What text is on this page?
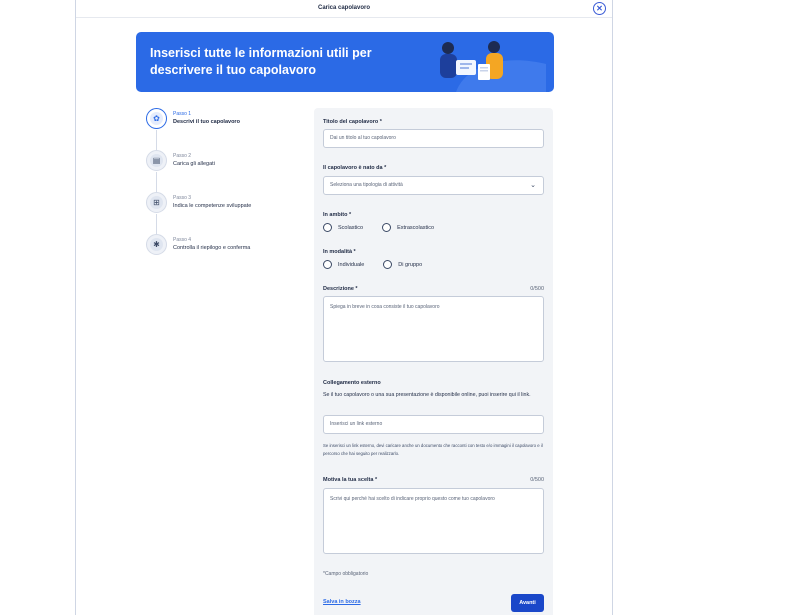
Carica capolavoro	✕
Inserisci tutte le informazioni utili per descrivere il tuo capolavoro
✿	Passo 1
Descrivi il tuo capolavoro
▤	Passo 2
Carica gli allegati
⊞	Passo 3
Indica le competenze sviluppate
✱	Passo 4
Controlla il riepilogo e conferma
Titolo del capolavoro *
Dai un titolo al tuo capolavoro
Il capolavoro è nato da *
Seleziona una tipologia di attività	⌄
In ambito *
Scolastico	Extrascolastico
In modalità *
Individuale	Di gruppo
Descrizione *	0/500
Spiega in breve in cosa consiste il tuo capolavoro
Collegamento esterno
Se il tuo capolavoro o una sua presentazione è disponibile online, puoi inserire qui il link.
Inserisci un link esterno
Se inserisci un link esterno, devi caricare anche un documento che racconti con testo e/o immagini il capolavoro e il percorso che hai seguito per realizzarlo.
Motiva la tua scelta *	0/500
Scrivi qui perché hai scelto di indicare proprio questo come tuo capolavoro
*Campo obbligatorio
Salva in bozza	Avanti
